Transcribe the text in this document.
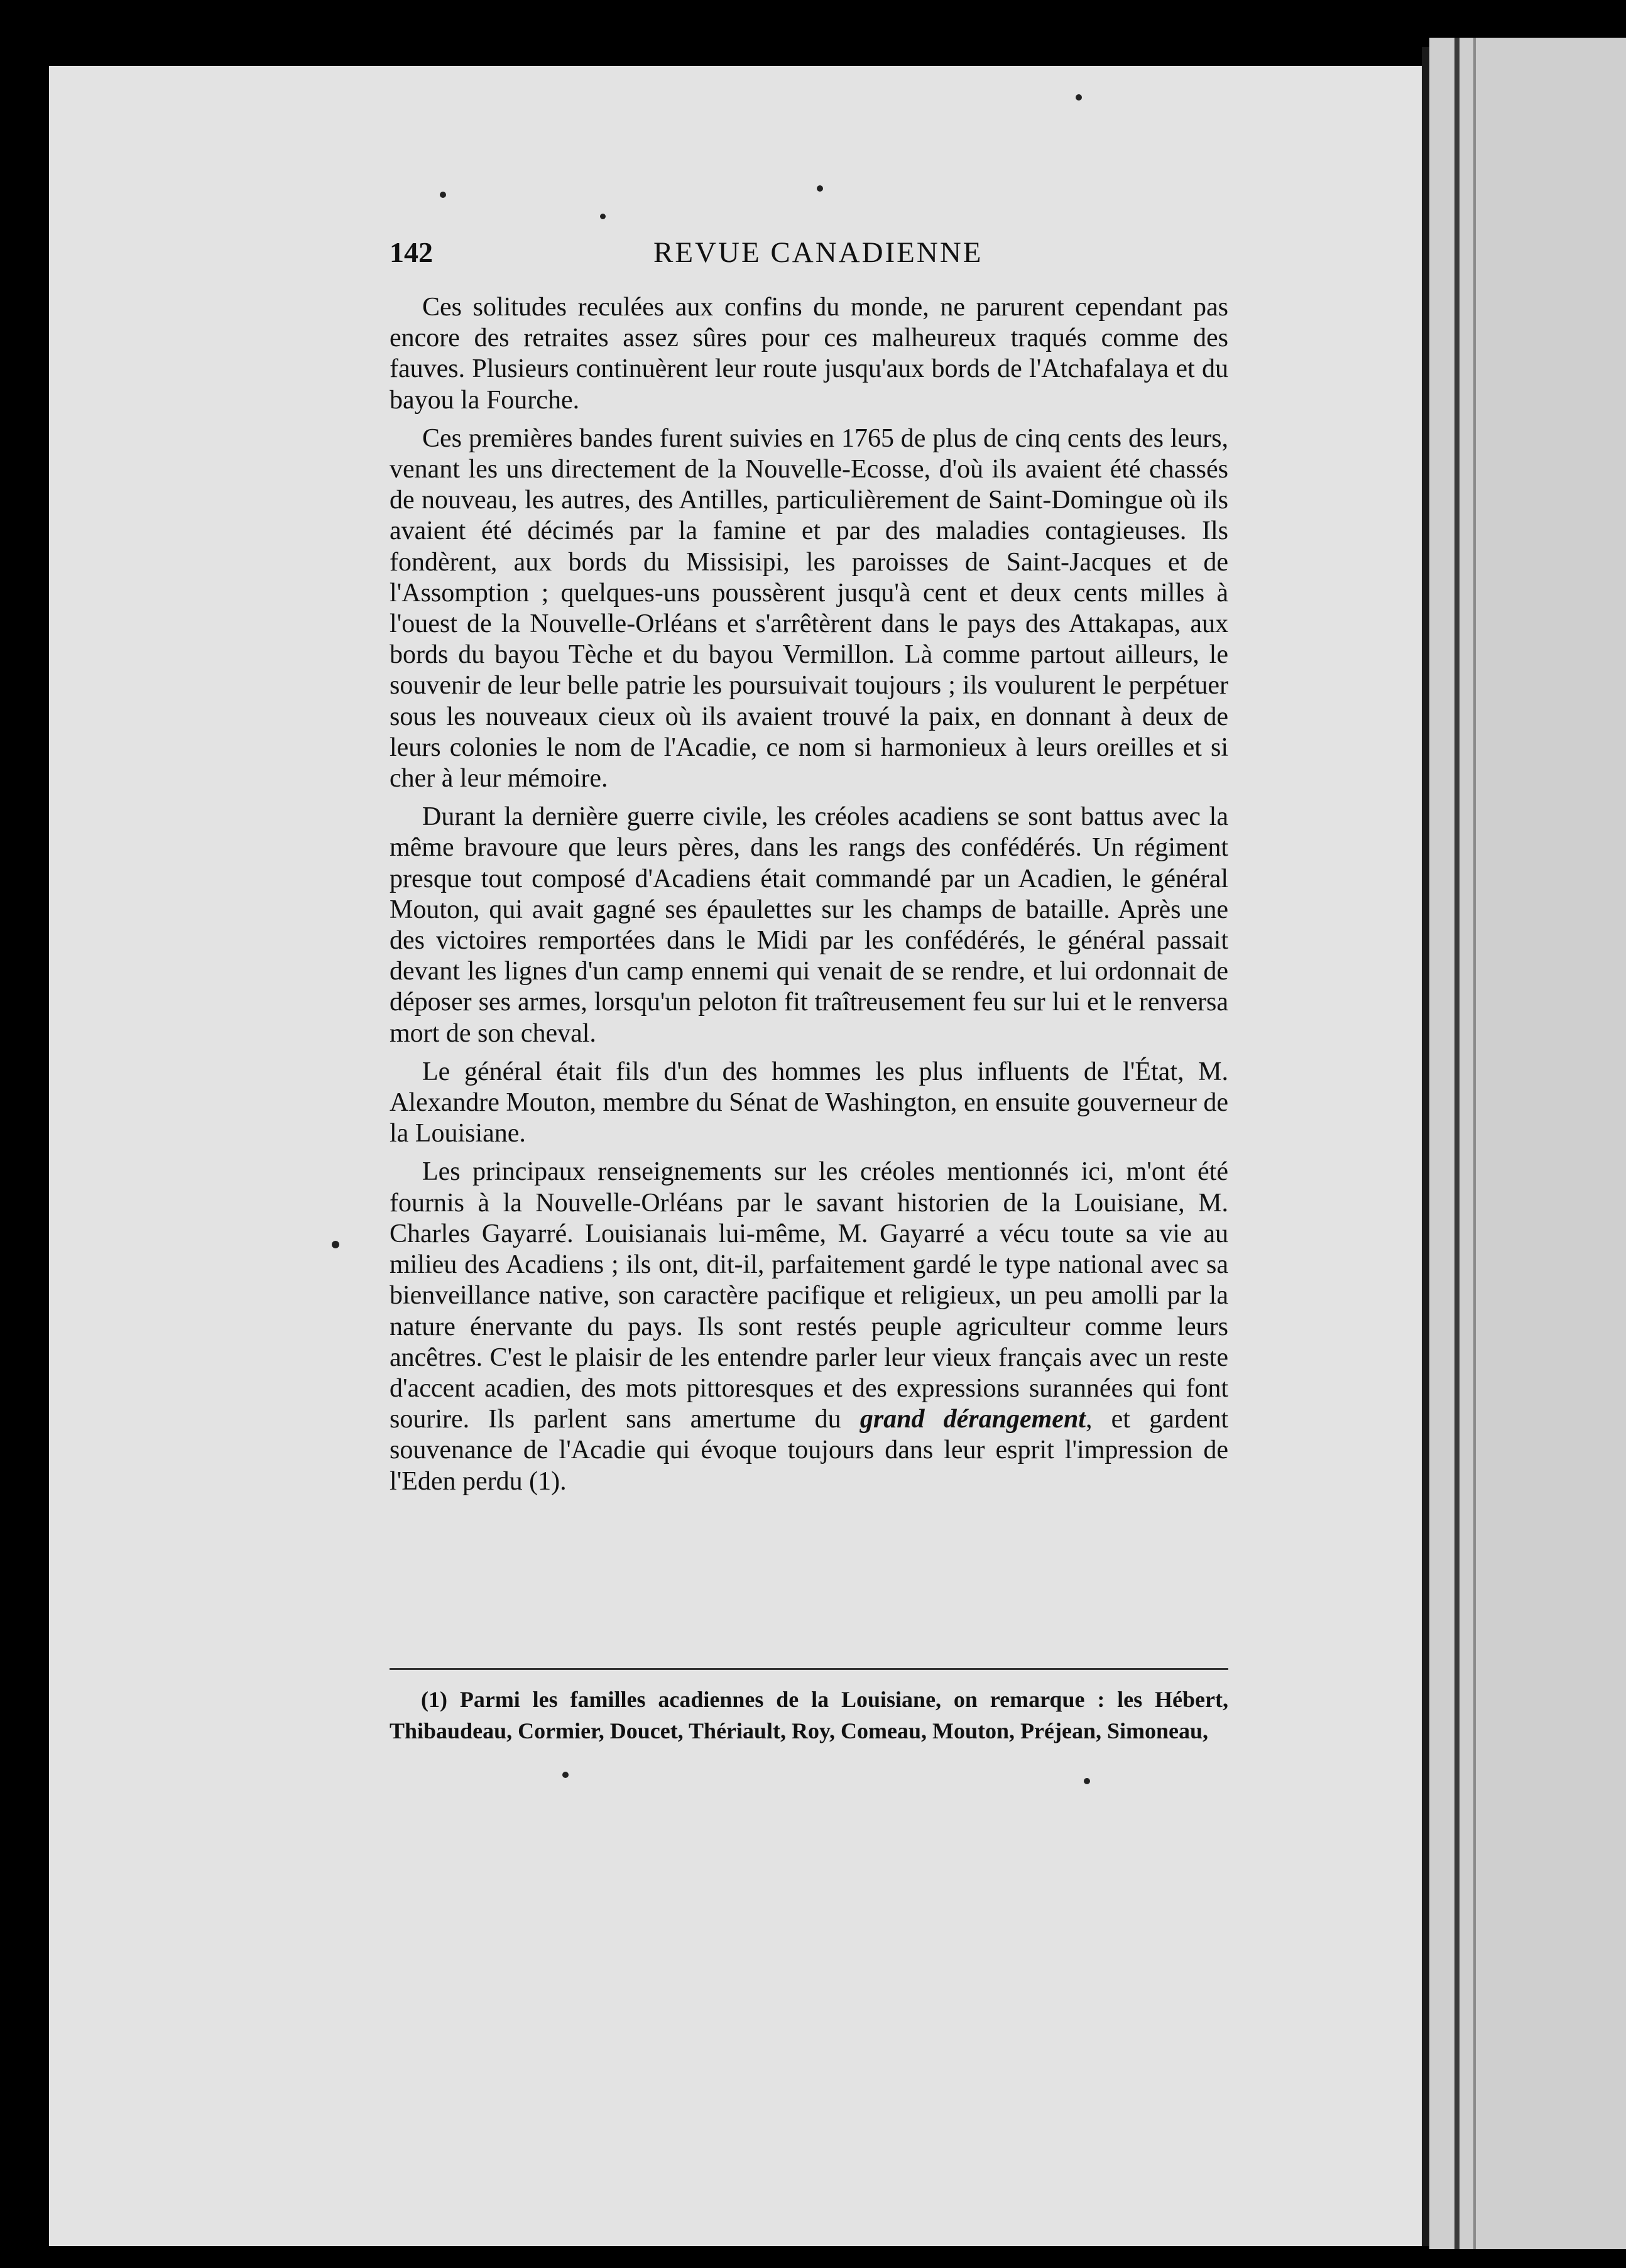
142	REVUE CANADIENNE

Ces solitudes reculées aux confins du monde, ne parurent cependant pas encore des retraites assez sûres pour ces malheureux traqués comme des fauves. Plusieurs continuèrent leur route jusqu'aux bords de l'Atchafalaya et du bayou la Fourche.

Ces premières bandes furent suivies en 1765 de plus de cinq cents des leurs, venant les uns directement de la Nouvelle-Ecosse, d'où ils avaient été chassés de nouveau, les autres, des Antilles, particulièrement de Saint-Domingue où ils avaient été décimés par la famine et par des maladies contagieuses. Ils fondèrent, aux bords du Missisipi, les paroisses de Saint-Jacques et de l'Assomption ; quelques-uns poussèrent jusqu'à cent et deux cents milles à l'ouest de la Nouvelle-Orléans et s'arrêtèrent dans le pays des Attakapas, aux bords du bayou Tèche et du bayou Vermillon. Là comme partout ailleurs, le souvenir de leur belle patrie les poursuivait toujours ; ils voulurent le perpétuer sous les nouveaux cieux où ils avaient trouvé la paix, en donnant à deux de leurs colonies le nom de l'Acadie, ce nom si harmonieux à leurs oreilles et si cher à leur mémoire.

Durant la dernière guerre civile, les créoles acadiens se sont battus avec la même bravoure que leurs pères, dans les rangs des confédérés. Un régiment presque tout composé d'Acadiens était commandé par un Acadien, le général Mouton, qui avait gagné ses épaulettes sur les champs de bataille. Après une des victoires remportées dans le Midi par les confédérés, le général passait devant les lignes d'un camp ennemi qui venait de se rendre, et lui ordonnait de déposer ses armes, lorsqu'un peloton fit traîtreusement feu sur lui et le renversa mort de son cheval.

Le général était fils d'un des hommes les plus influents de l'État, M. Alexandre Mouton, membre du Sénat de Washington, en ensuite gouverneur de la Louisiane.

Les principaux renseignements sur les créoles mentionnés ici, m'ont été fournis à la Nouvelle-Orléans par le savant historien de la Louisiane, M. Charles Gayarré. Louisianais lui-même, M. Gayarré a vécu toute sa vie au milieu des Acadiens ; ils ont, dit-il, parfaitement gardé le type national avec sa bienveillance native, son caractère pacifique et religieux, un peu amolli par la nature énervante du pays. Ils sont restés peuple agriculteur comme leurs ancêtres. C'est le plaisir de les entendre parler leur vieux français avec un reste d'accent acadien, des mots pittoresques et des expressions surannées qui font sourire. Ils parlent sans amertume du grand dérangement, et gardent souvenance de l'Acadie qui évoque toujours dans leur esprit l'impression de l'Eden perdu (1).

(1) Parmi les familles acadiennes de la Louisiane, on remarque : les Hébert, Thibaudeau, Cormier, Doucet, Thériault, Roy, Comeau, Mouton, Préjean, Simoneau,
